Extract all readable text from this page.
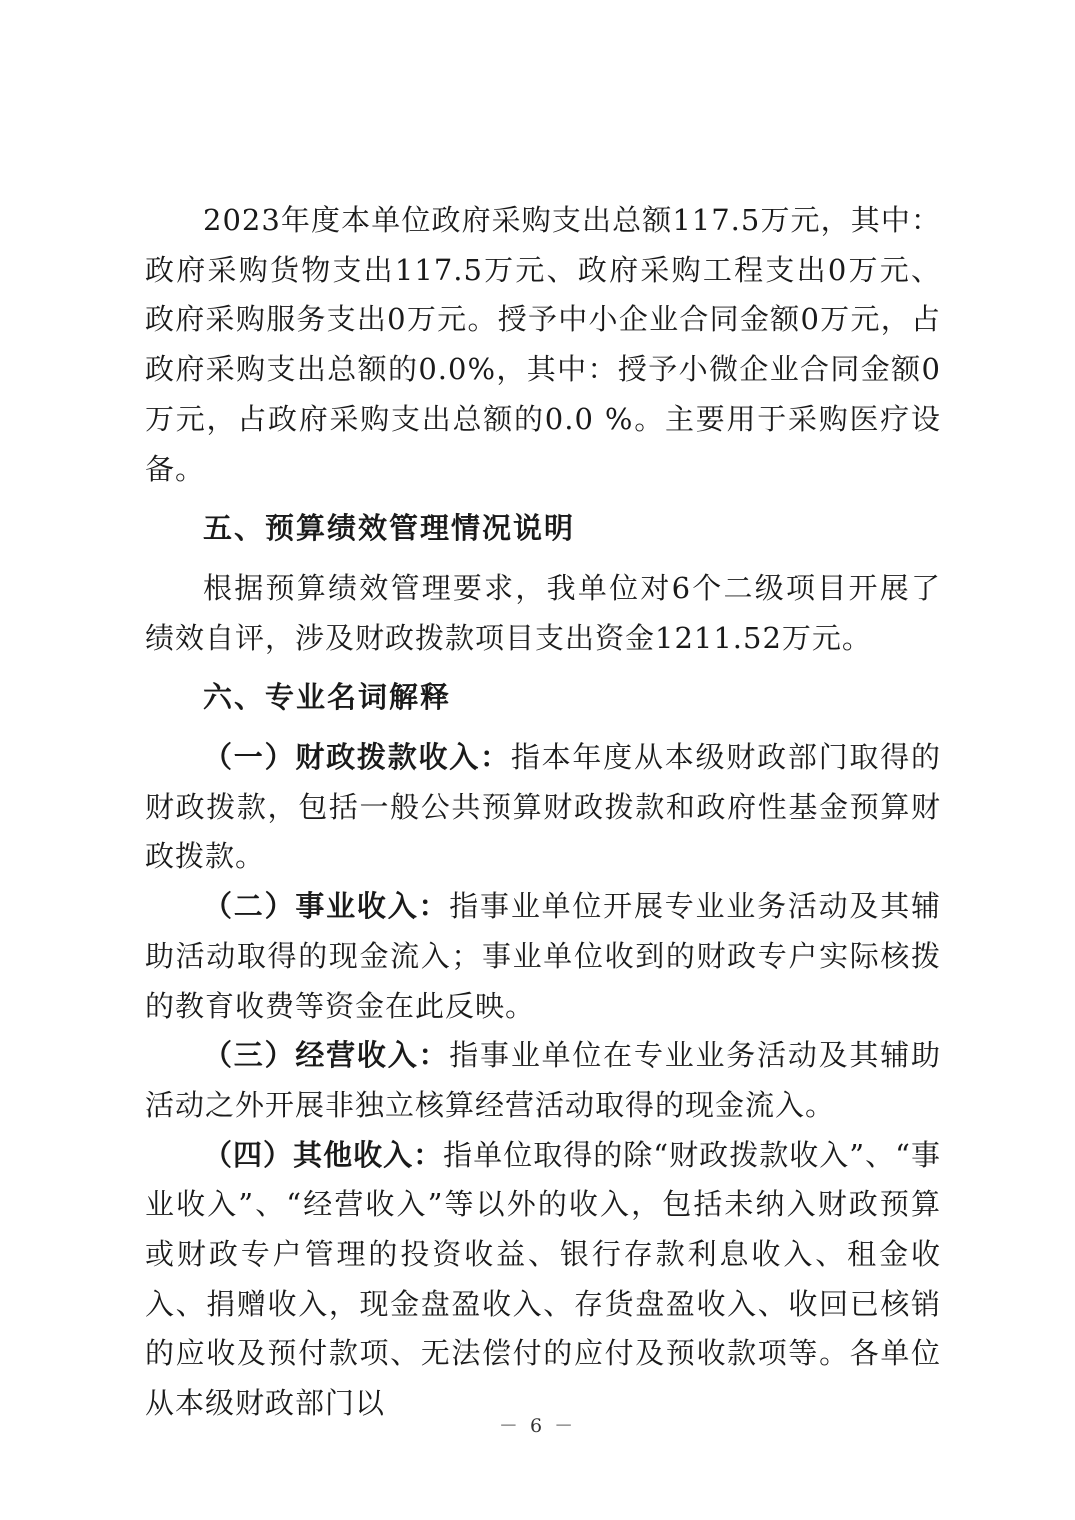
2023年度本单位政府采购支出总额117.5万元，其中：政府采购货物支出117.5万元、政府采购工程支出0万元、政府采购服务支出0万元。授予中小企业合同金额0万元，占政府采购支出总额的0.0%，其中：授予小微企业合同金额0万元，占政府采购支出总额的0.0 %。主要用于采购医疗设备。

五、预算绩效管理情况说明

根据预算绩效管理要求，我单位对6个二级项目开展了绩效自评，涉及财政拨款项目支出资金1211.52万元。

六、专业名词解释

（一）财政拨款收入：指本年度从本级财政部门取得的财政拨款，包括一般公共预算财政拨款和政府性基金预算财政拨款。

（二）事业收入：指事业单位开展专业业务活动及其辅助活动取得的现金流入；事业单位收到的财政专户实际核拨的教育收费等资金在此反映。

（三）经营收入：指事业单位在专业业务活动及其辅助活动之外开展非独立核算经营活动取得的现金流入。

（四）其他收入：指单位取得的除“财政拨款收入”、“事业收入”、“经营收入”等以外的收入，包括未纳入财政预算或财政专户管理的投资收益、银行存款利息收入、租金收入、捐赠收入，现金盘盈收入、存货盘盈收入、收回已核销的应收及预付款项、无法偿付的应付及预收款项等。各单位从本级财政部门以

－ 6 －
